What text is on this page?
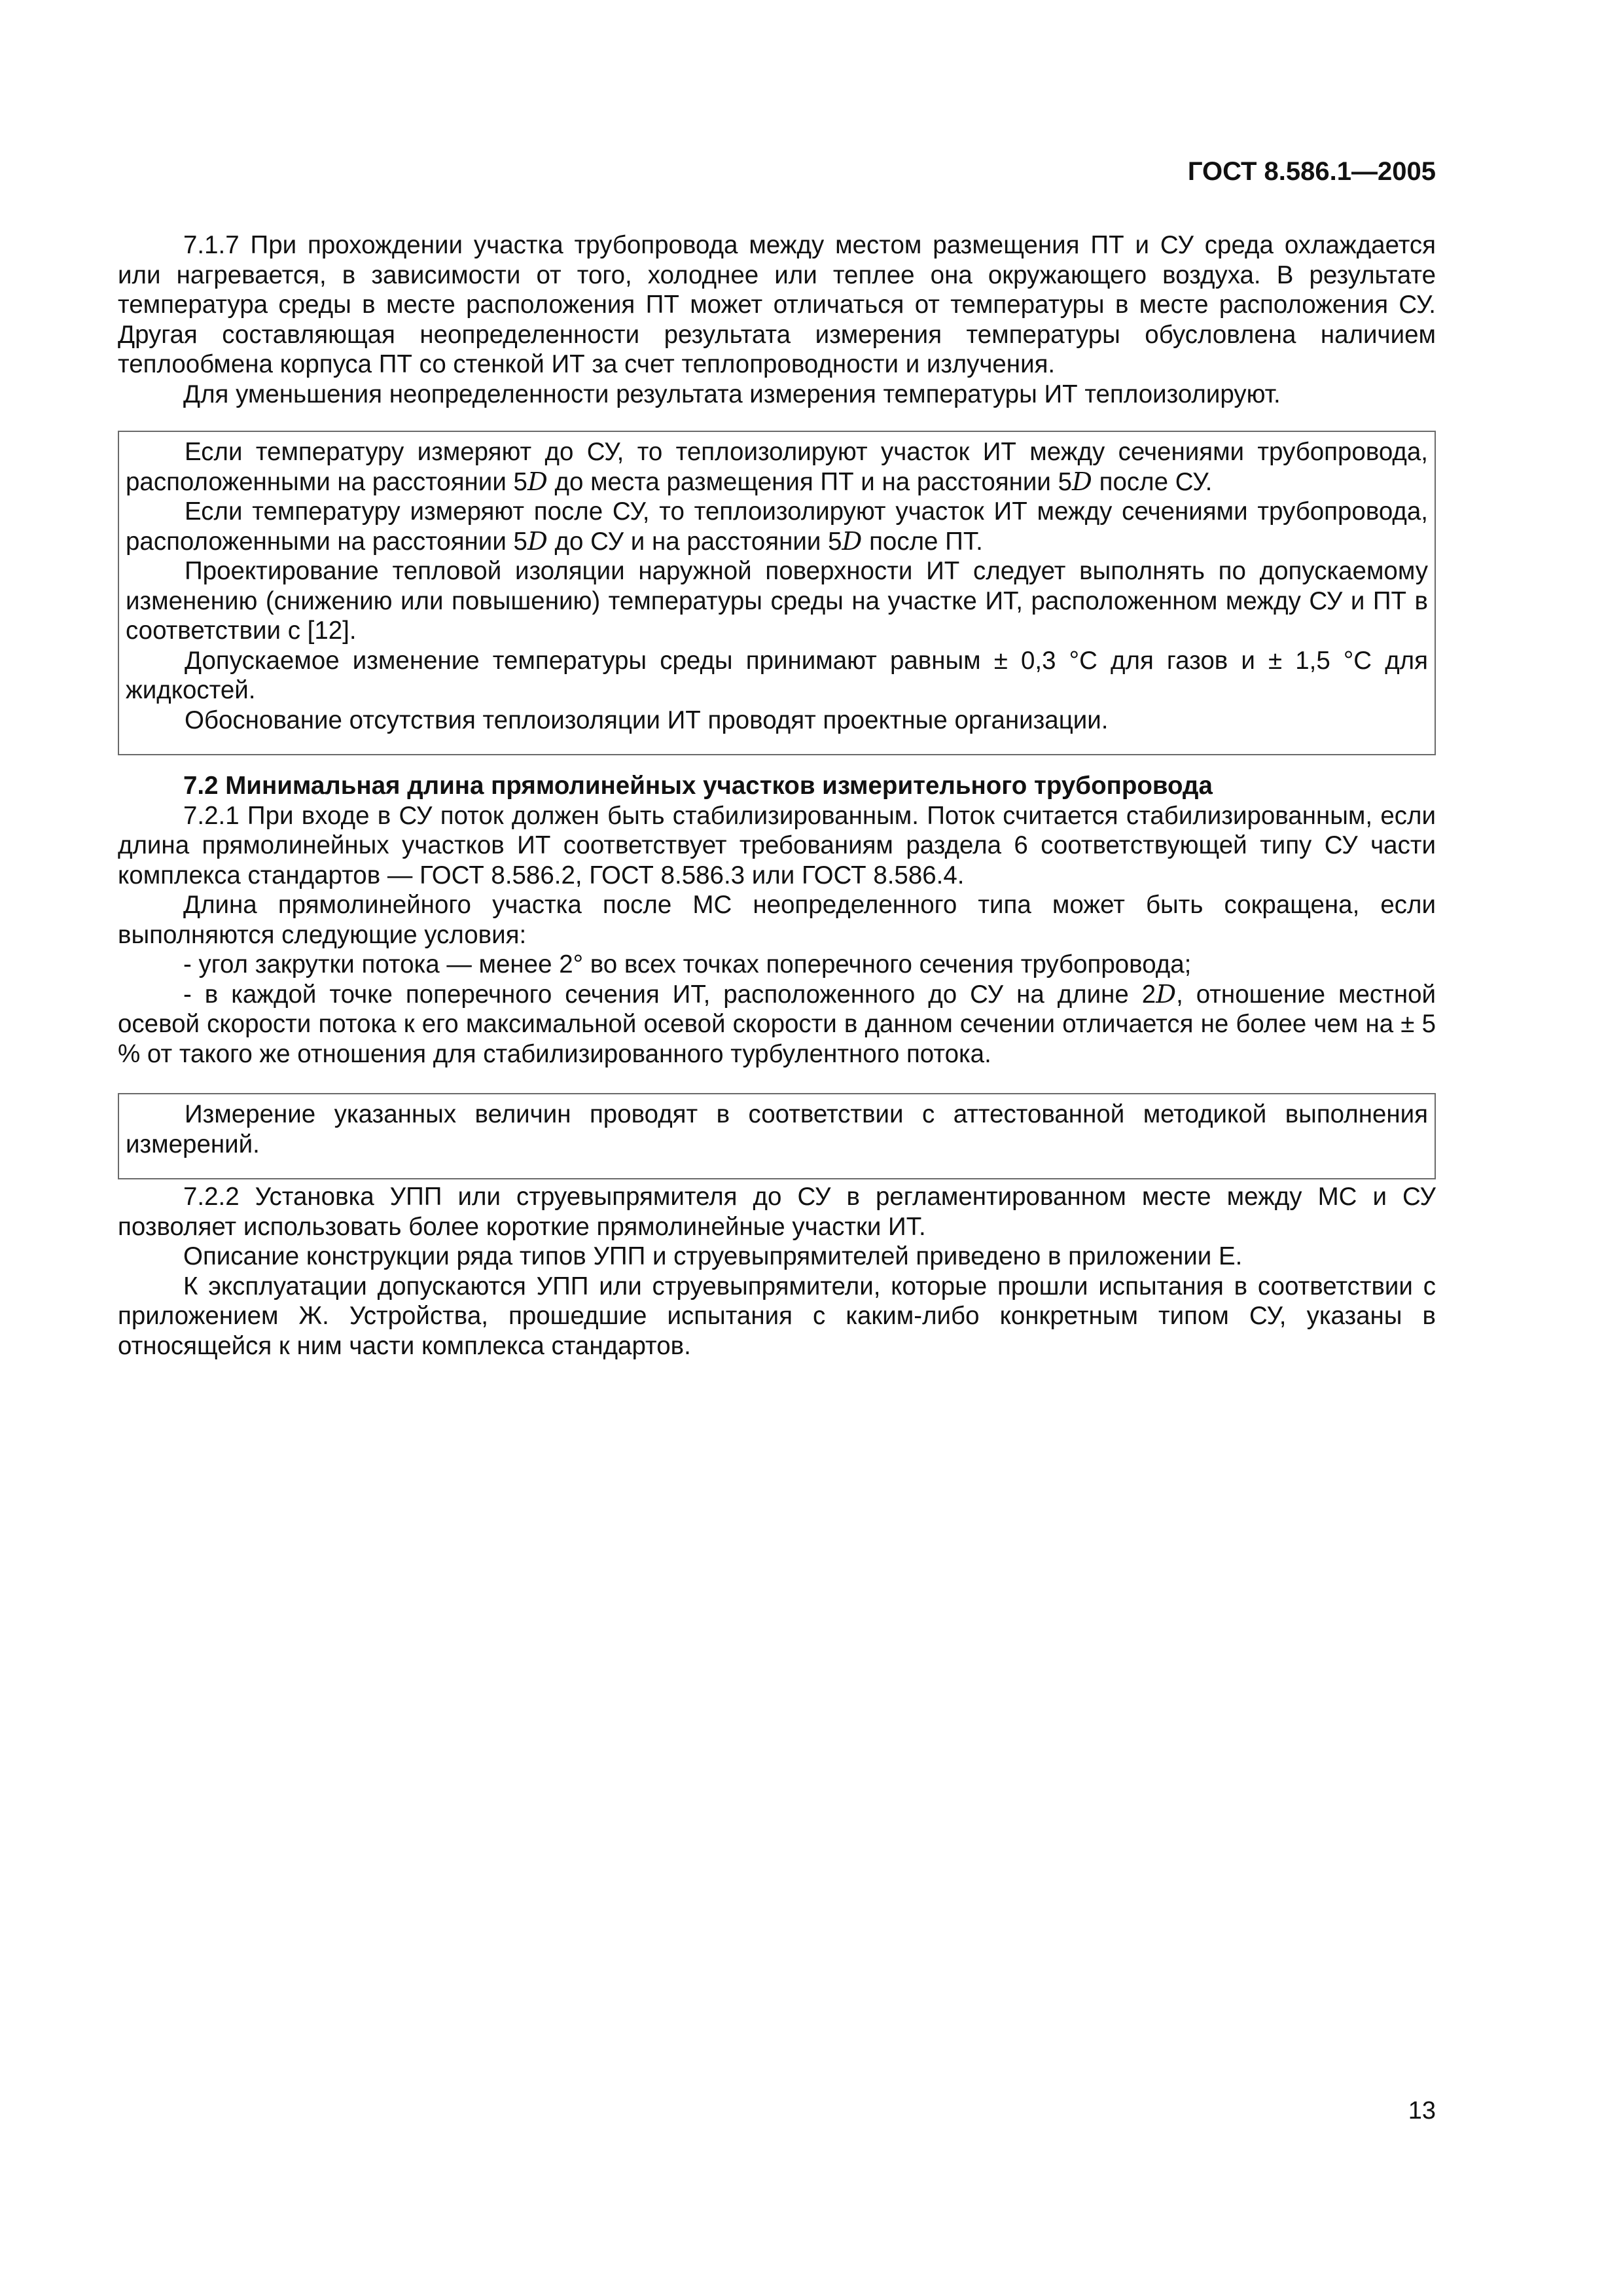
ГОСТ 8.586.1—2005

7.1.7 При прохождении участка трубопровода между местом размещения ПТ и СУ среда охлаждается или нагревается, в зависимости от того, холоднее или теплее она окружающего воздуха. В результате температура среды в месте расположения ПТ может отличаться от температуры в месте расположения СУ. Другая составляющая неопределенности результата измерения температуры обусловлена наличием теплообмена корпуса ПТ со стенкой ИТ за счет теплопроводности и излучения.

Для уменьшения неопределенности результата измерения температуры ИТ теплоизолируют.

Если температуру измеряют до СУ, то теплоизолируют участок ИТ между сечениями трубопровода, расположенными на расстоянии 5D до места размещения ПТ и на расстоянии 5D после СУ.

Если температуру измеряют после СУ, то теплоизолируют участок ИТ между сечениями трубопровода, расположенными на расстоянии 5D до СУ и на расстоянии 5D после ПТ.

Проектирование тепловой изоляции наружной поверхности ИТ следует выполнять по допускаемому изменению (снижению или повышению) температуры среды на участке ИТ, расположенном между СУ и ПТ в соответствии с [12].

Допускаемое изменение температуры среды принимают равным ± 0,3 °С для газов и ± 1,5 °С для жидкостей.

Обоснование отсутствия теплоизоляции ИТ проводят проектные организации.

7.2 Минимальная длина прямолинейных участков измерительного трубопровода

7.2.1 При входе в СУ поток должен быть стабилизированным. Поток считается стабилизированным, если длина прямолинейных участков ИТ соответствует требованиям раздела 6 соответствующей типу СУ части комплекса стандартов — ГОСТ 8.586.2, ГОСТ 8.586.3 или ГОСТ 8.586.4.

Длина прямолинейного участка после МС неопределенного типа может быть сокращена, если выполняются следующие условия:

- угол закрутки потока — менее 2° во всех точках поперечного сечения трубопровода;

- в каждой точке поперечного сечения ИТ, расположенного до СУ на длине 2D, отношение местной осевой скорости потока к его максимальной осевой скорости в данном сечении отличается не более чем на ± 5 % от такого же отношения для стабилизированного турбулентного потока.

Измерение указанных величин проводят в соответствии с аттестованной методикой выполнения измерений.

7.2.2 Установка УПП или струевыпрямителя до СУ в регламентированном месте между МС и СУ позволяет использовать более короткие прямолинейные участки ИТ.

Описание конструкции ряда типов УПП и струевыпрямителей приведено в приложении Е.

К эксплуатации допускаются УПП или струевыпрямители, которые прошли испытания в соответствии с приложением Ж. Устройства, прошедшие испытания с каким-либо конкретным типом СУ, указаны в относящейся к ним части комплекса стандартов.

13
